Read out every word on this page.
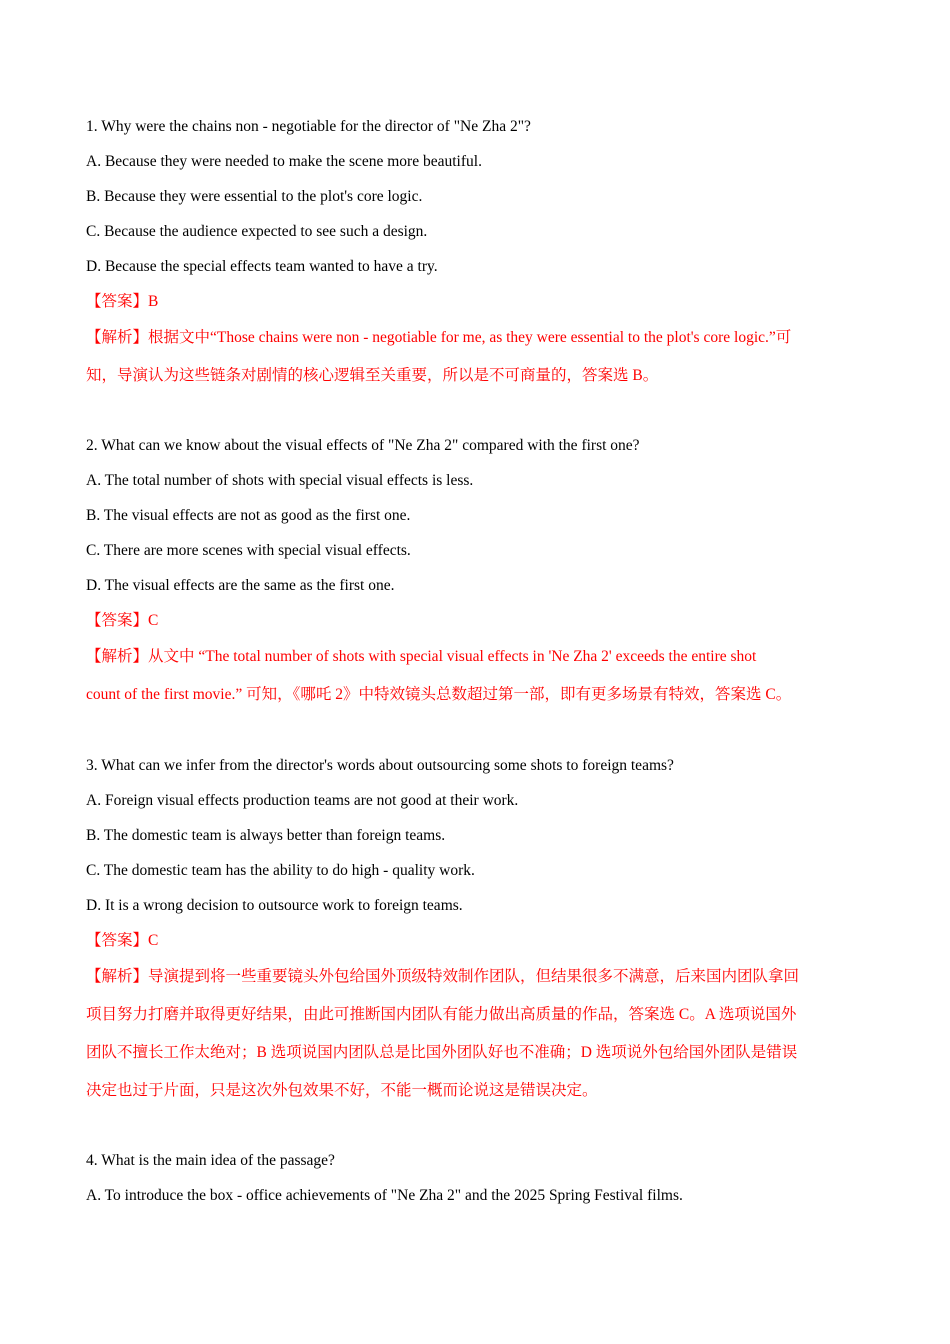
1. Why were the chains non - negotiable for the director of "Ne Zha 2"?
A. Because they were needed to make the scene more beautiful.
B. Because they were essential to the plot's core logic.
C. Because the audience expected to see such a design.
D. Because the special effects team wanted to have a try.
【答案】B
【解析】根据文中“Those chains were non - negotiable for me, as they were essential to the plot's core logic.”可
知，导演认为这些链条对剧情的核心逻辑至关重要，所以是不可商量的，答案选 B。
2. What can we know about the visual effects of "Ne Zha 2" compared with the first one?
A. The total number of shots with special visual effects is less.
B. The visual effects are not as good as the first one.
C. There are more scenes with special visual effects.
D. The visual effects are the same as the first one.
【答案】C
【解析】从文中 “The total number of shots with special visual effects in 'Ne Zha 2' exceeds the entire shot
count of the first movie.” 可知，《哪吒 2》中特效镜头总数超过第一部，即有更多场景有特效，答案选 C。
3. What can we infer from the director's words about outsourcing some shots to foreign teams?
A. Foreign visual effects production teams are not good at their work.
B. The domestic team is always better than foreign teams.
C. The domestic team has the ability to do high - quality work.
D. It is a wrong decision to outsource work to foreign teams.
【答案】C
【解析】导演提到将一些重要镜头外包给国外顶级特效制作团队，但结果很多不满意，后来国内团队拿回
项目努力打磨并取得更好结果，由此可推断国内团队有能力做出高质量的作品，答案选 C。A 选项说国外
团队不擅长工作太绝对；B 选项说国内团队总是比国外团队好也不准确；D 选项说外包给国外团队是错误
决定也过于片面，只是这次外包效果不好，不能一概而论说这是错误决定。
4. What is the main idea of the passage?
A. To introduce the box - office achievements of "Ne Zha 2" and the 2025 Spring Festival films.
